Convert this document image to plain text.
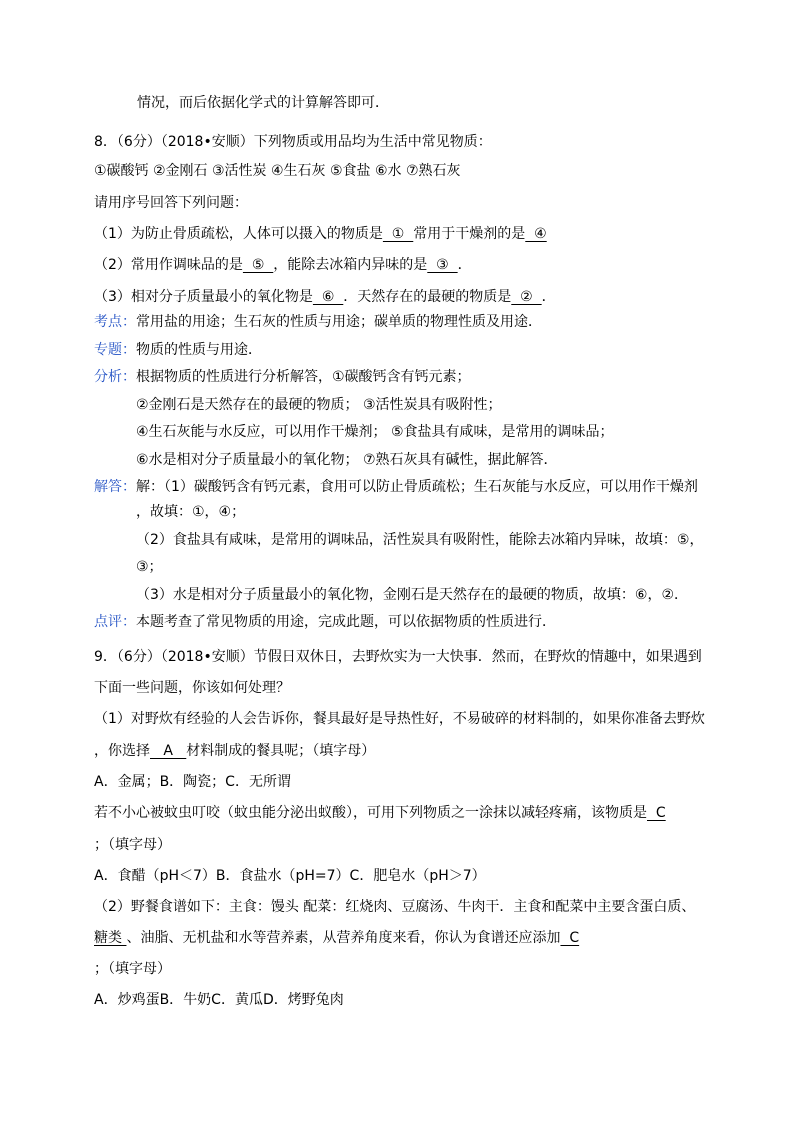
情况，而后依据化学式的计算解答即可．
8．（6分）（2018•安顺）下列物质或用品均为生活中常见物质：
①碳酸钙 ②金刚石 ③活性炭 ④生石灰 ⑤食盐 ⑥水 ⑦熟石灰
请用序号回答下列问题：
（1）为防止骨质疏松，人体可以摄入的物质是  ①  常用于干燥剂的是  ④
（2）常用作调味品的是  ⑤  ，能除去冰箱内异味的是  ③  ．
（3）相对分子质量最小的氧化物是  ⑥  ．天然存在的最硬的物质是  ②  ．
考点：常用盐的用途；生石灰的性质与用途；碳单质的物理性质及用途．
专题：物质的性质与用途．
分析：根据物质的性质进行分析解答，①碳酸钙含有钙元素；
②金刚石是天然存在的最硬的物质； ③活性炭具有吸附性；
④生石灰能与水反应，可以用作干燥剂； ⑤食盐具有咸味，是常用的调味品；
⑥水是相对分子质量最小的氧化物； ⑦熟石灰具有碱性，据此解答．
解答：解：（1）碳酸钙含有钙元素，食用可以防止骨质疏松；生石灰能与水反应，可以用作干燥剂
，故填：①，④；
（2）食盐具有咸味，是常用的调味品，活性炭具有吸附性，能除去冰箱内异味，故填：⑤，
③；
（3）水是相对分子质量最小的氧化物，金刚石是天然存在的最硬的物质，故填：⑥，②．
点评：本题考查了常见物质的用途，完成此题，可以依据物质的性质进行．
9．（6分）（2018•安顺）节假日双休日，去野炊实为一大快事．然而，在野炊的情趣中，如果遇到
下面一些问题，你该如何处理？
（1）对野炊有经验的人会告诉你，餐具最好是导热性好，不易破碎的材料制的，如果你准备去野炊
，你选择   A   材料制成的餐具呢；（填字母）
A．金属；B．陶瓷；C．无所谓
若不小心被蚊虫叮咬（蚊虫能分泌出蚁酸），可用下列物质之一涂抹以减轻疼痛，该物质是  C
；（填字母）
A．食醋（pH＜7）B．食盐水（pH=7）C．肥皂水（pH＞7）
（2）野餐食谱如下：主食：馒头 配菜：红烧肉、豆腐汤、牛肉干．主食和配菜中主要含蛋白质、
糖类 、油脂、无机盐和水等营养素，从营养角度来看，你认为食谱还应添加  C
；（填字母）
A．炒鸡蛋B．牛奶C．黄瓜D．烤野兔肉
